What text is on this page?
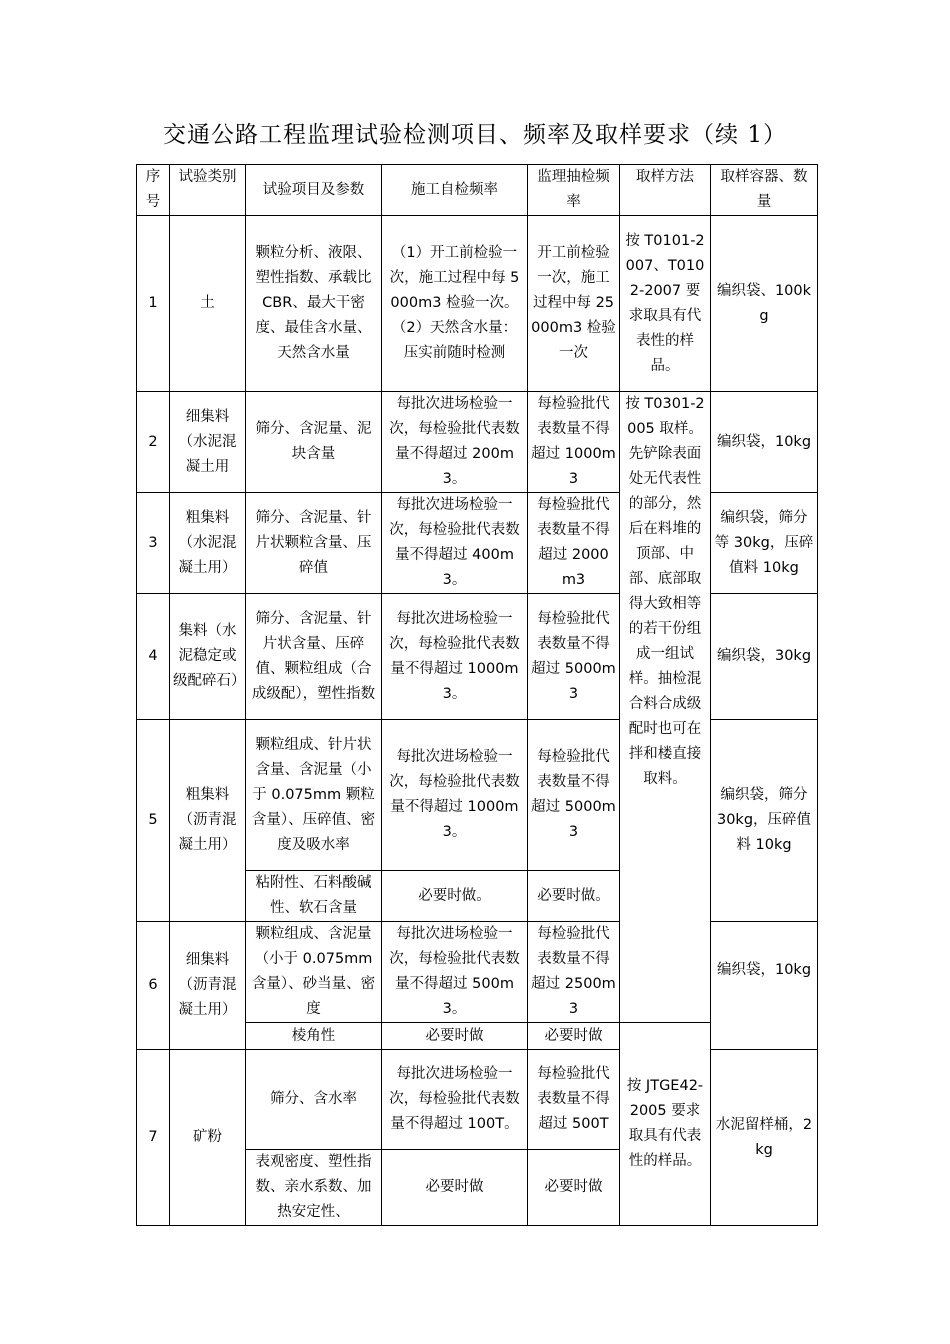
交通公路工程监理试验检测项目、频率及取样要求（续 1）
序号	试验类别	试验项目及参数	施工自检频率	监理抽检频率	取样方法	取样容器、数量
1	土	颗粒分析、液限、塑性指数、承载比 CBR、最大干密度、最佳含水量、天然含水量	（1）开工前检验一次，施工过程中每 5000m3 检验一次。（2）天然含水量：压实前随时检测	开工前检验一次，施工过程中每 25000m3 检验一次	按 T0101-2007、T0102-2007 要求取具有代表性的样品。	编织袋、100kg
2	细集料（水泥混凝土用	筛分、含泥量、泥块含量	每批次进场检验一次，每检验批代表数量不得超过 200m3。	每检验批代表数量不得超过 1000m3	按 T0301-2005 取样。先铲除表面处无代表性的部分，然后在料堆的顶部、中部、底部取得大致相等的若干份组成一组试样。抽检混合料合成级配时也可在拌和楼直接取料。	编织袋，10kg
3	粗集料（水泥混凝土用）	筛分、含泥量、针片状颗粒含量、压碎值	每批次进场检验一次，每检验批代表数量不得超过 400m3。	每检验批代表数量不得超过 2000 m3		编织袋，筛分等 30kg，压碎值料 10kg
4	集料（水泥稳定或级配碎石）	筛分、含泥量、针片状含量、压碎值、颗粒组成（合成级配），塑性指数	每批次进场检验一次，每检验批代表数量不得超过 1000m3。	每检验批代表数量不得超过 5000m3		编织袋，30kg
5	粗集料（沥青混凝土用）	颗粒组成、针片状含量、含泥量（小于 0.075mm 颗粒含量）、压碎值、密度及吸水率	每批次进场检验一次，每检验批代表数量不得超过 1000m3。	每检验批代表数量不得超过 5000m3		编织袋，筛分 30kg，压碎值料 10kg
		粘附性、石料酸碱性、软石含量	必要时做。	必要时做。		
6	细集料（沥青混凝土用）	颗粒组成、含泥量（小于 0.075mm 含量）、砂当量、密度	每批次进场检验一次，每检验批代表数量不得超过 500m3。	每检验批代表数量不得超过 2500m3		编织袋，10kg
		棱角性	必要时做	必要时做	按 JTGE42-2005 要求取具有代表性的样品。	
7	矿粉	筛分、含水率	每批次进场检验一次，每检验批代表数量不得超过 100T。	每检验批代表数量不得超过 500T		水泥留样桶，2kg
		表观密度、塑性指数、亲水系数、加热安定性、	必要时做	必要时做		
